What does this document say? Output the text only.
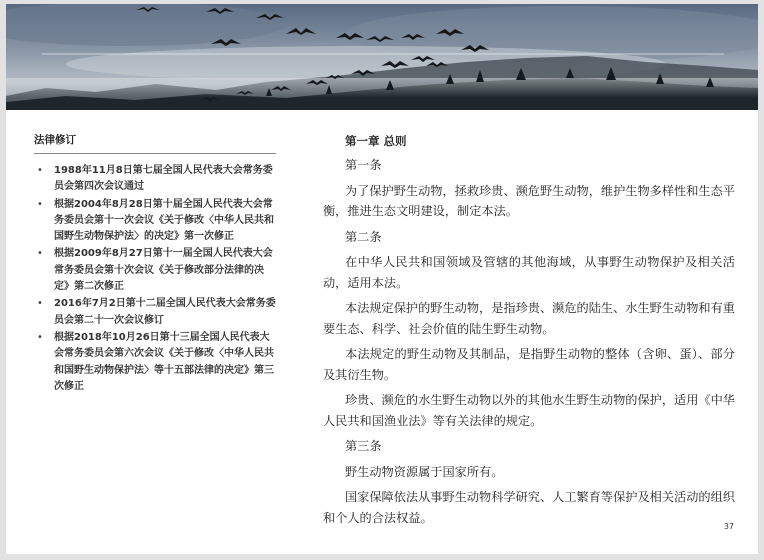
法律修订
• 1988年11月8日第七届全国人民代表大会常务委员会第四次会议通过
• 根据2004年8月28日第十届全国人民代表大会常务委员会第十一次会议《关于修改〈中华人民共和国野生动物保护法〉的决定》第一次修正
• 根据2009年8月27日第十一届全国人民代表大会常务委员会第十次会议《关于修改部分法律的决定》第二次修正
• 2016年7月2日第十二届全国人民代表大会常务委员会第二十一次会议修订
• 根据2018年10月26日第十三届全国人民代表大会常务委员会第六次会议《关于修改〈中华人民共和国野生动物保护法〉等十五部法律的决定》第三次修正
第一章 总则

第一条

为了保护野生动物，拯救珍贵、濒危野生动物，维护生物多样性和生态平衡，推进生态文明建设，制定本法。

第二条

在中华人民共和国领域及管辖的其他海域，从事野生动物保护及相关活动，适用本法。

本法规定保护的野生动物，是指珍贵、濒危的陆生、水生野生动物和有重要生态、科学、社会价值的陆生野生动物。

本法规定的野生动物及其制品，是指野生动物的整体（含卵、蛋）、部分及其衍生物。

珍贵、濒危的水生野生动物以外的其他水生野生动物的保护，适用《中华人民共和国渔业法》等有关法律的规定。

第三条

野生动物资源属于国家所有。

国家保障依法从事野生动物科学研究、人工繁育等保护及相关活动的组织和个人的合法权益。

37
